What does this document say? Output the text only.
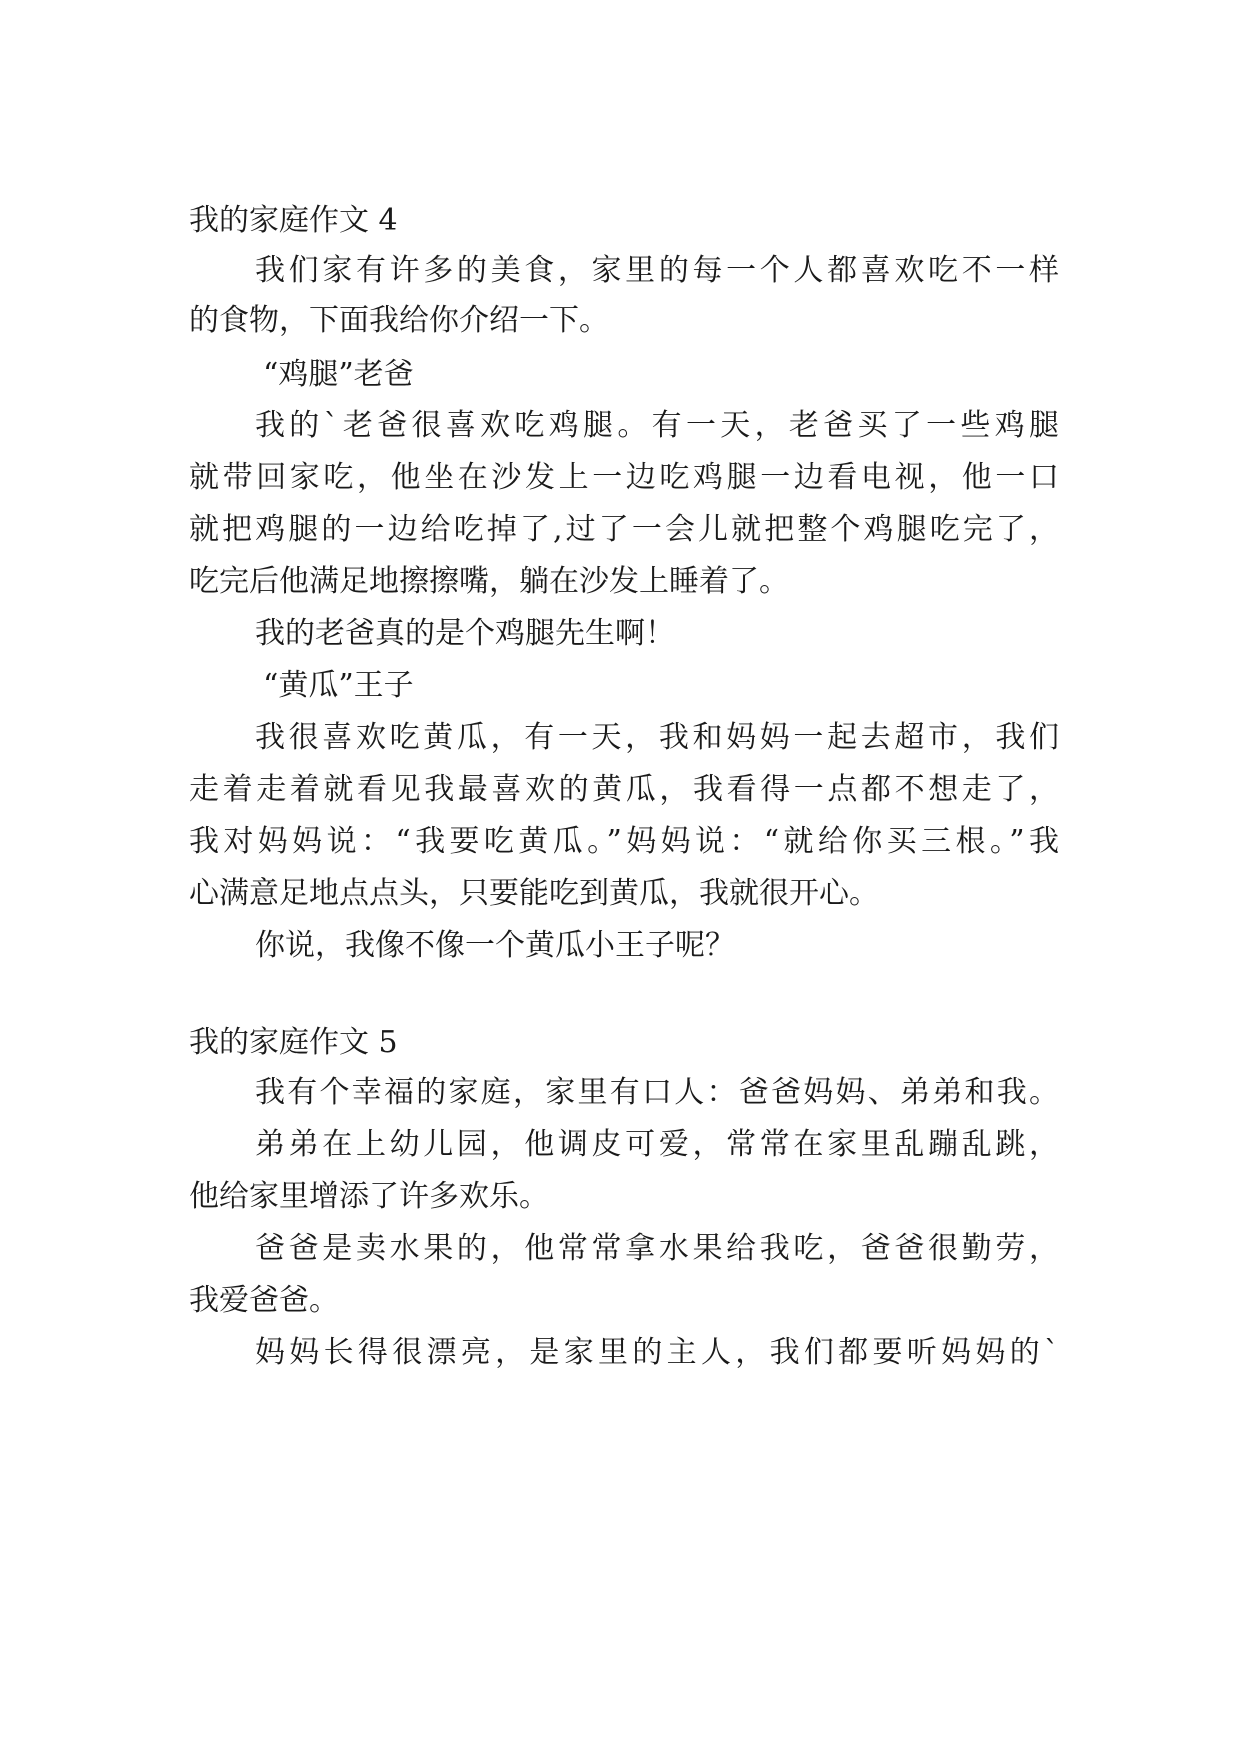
我的家庭作文 4
我们家有许多的美食，家里的每一个人都喜欢吃不一样
的食物，下面我给你介绍一下。
“鸡腿”老爸
我的`老爸很喜欢吃鸡腿。有一天，老爸买了一些鸡腿
就带回家吃，他坐在沙发上一边吃鸡腿一边看电视，他一口
就把鸡腿的一边给吃掉了,过了一会儿就把整个鸡腿吃完了，
吃完后他满足地擦擦嘴，躺在沙发上睡着了。
我的老爸真的是个鸡腿先生啊！
“黄瓜”王子
我很喜欢吃黄瓜，有一天，我和妈妈一起去超市，我们
走着走着就看见我最喜欢的黄瓜，我看得一点都不想走了，
我对妈妈说：“我要吃黄瓜。”妈妈说：“就给你买三根。”我
心满意足地点点头，只要能吃到黄瓜，我就很开心。
你说，我像不像一个黄瓜小王子呢？
我的家庭作文 5
我有个幸福的家庭，家里有口人：爸爸妈妈、弟弟和我。
弟弟在上幼儿园，他调皮可爱，常常在家里乱蹦乱跳，
他给家里增添了许多欢乐。
爸爸是卖水果的，他常常拿水果给我吃，爸爸很勤劳，
我爱爸爸。
妈妈长得很漂亮，是家里的主人，我们都要听妈妈的`
